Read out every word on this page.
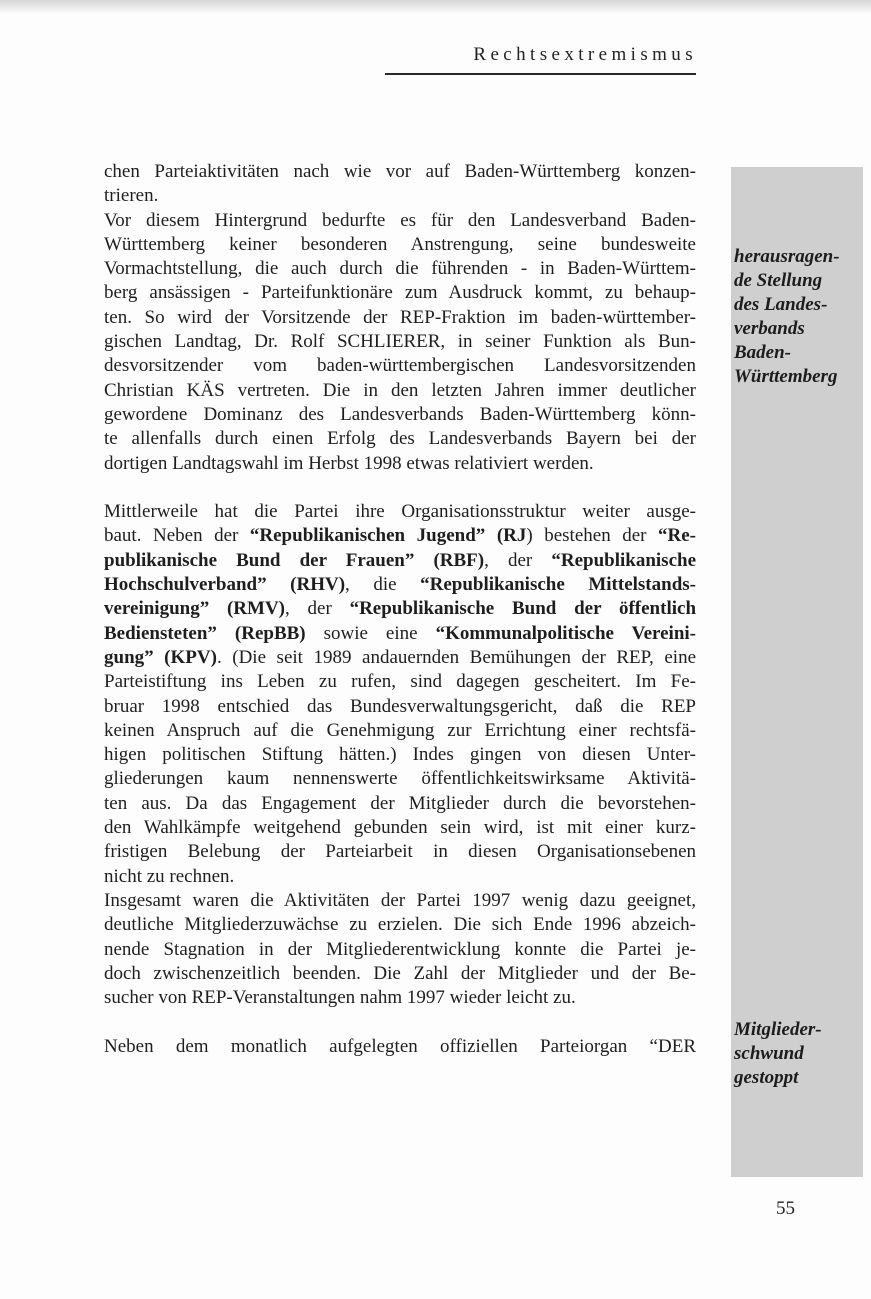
Rechtsextremismus
chen Parteiaktivitäten nach wie vor auf Baden-Württemberg konzen-
trieren.
Vor diesem Hintergrund bedurfte es für den Landesverband Baden-
Württemberg keiner besonderen Anstrengung, seine bundesweite
Vormachtstellung, die auch durch die führenden - in Baden-Württem-
berg ansässigen - Parteifunktionäre zum Ausdruck kommt, zu behaup-
ten. So wird der Vorsitzende der REP-Fraktion im baden-württember-
gischen Landtag, Dr. Rolf SCHLIERER, in seiner Funktion als Bun-
desvorsitzender vom baden-württembergischen Landesvorsitzenden
Christian KÄS vertreten. Die in den letzten Jahren immer deutlicher
gewordene Dominanz des Landesverbands Baden-Württemberg könn-
te allenfalls durch einen Erfolg des Landesverbands Bayern bei der
dortigen Landtagswahl im Herbst 1998 etwas relativiert werden.
Mittlerweile hat die Partei ihre Organisationsstruktur weiter ausge-
baut. Neben der “Republikanischen Jugend” (RJ) bestehen der “Re-
publikanische Bund der Frauen” (RBF), der “Republikanische
Hochschulverband” (RHV), die “Republikanische Mittelstands-
vereinigung” (RMV), der “Republikanische Bund der öffentlich
Bediensteten” (RepBB) sowie eine “Kommunalpolitische Vereini-
gung” (KPV). (Die seit 1989 andauernden Bemühungen der REP, eine
Parteistiftung ins Leben zu rufen, sind dagegen gescheitert. Im Fe-
bruar 1998 entschied das Bundesverwaltungsgericht, daß die REP
keinen Anspruch auf die Genehmigung zur Errichtung einer rechtsfä-
higen politischen Stiftung hätten.) Indes gingen von diesen Unter-
gliederungen kaum nennenswerte öffentlichkeitswirksame Aktivitä-
ten aus. Da das Engagement der Mitglieder durch die bevorstehen-
den Wahlkämpfe weitgehend gebunden sein wird, ist mit einer kurz-
fristigen Belebung der Parteiarbeit in diesen Organisationsebenen
nicht zu rechnen.
Insgesamt waren die Aktivitäten der Partei 1997 wenig dazu geeignet,
deutliche Mitgliederzuwächse zu erzielen. Die sich Ende 1996 abzeich-
nende Stagnation in der Mitgliederentwicklung konnte die Partei je-
doch zwischenzeitlich beenden. Die Zahl der Mitglieder und der Be-
sucher von REP-Veranstaltungen nahm 1997 wieder leicht zu.
Neben dem monatlich aufgelegten offiziellen Parteiorgan “DER
herausragen-
de Stellung
des Landes-
verbands
Baden-
Württemberg
Mitglieder-
schwund
gestoppt
55
